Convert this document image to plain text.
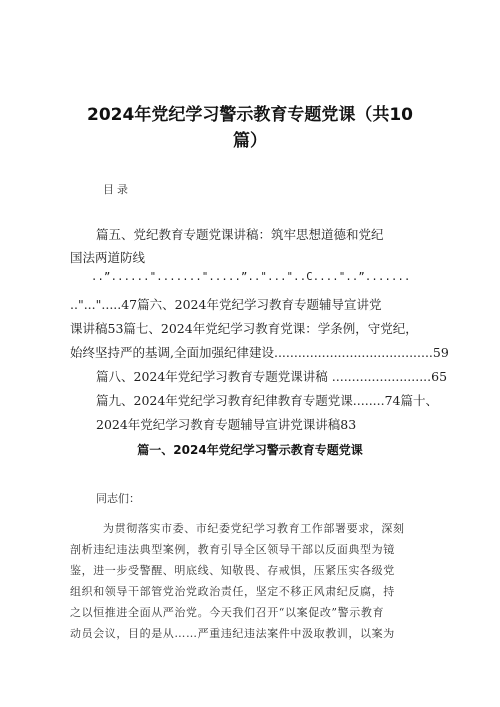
2024年党纪学习警示教育专题党课（共10
篇）
目录
篇五、党纪教育专题党课讲稿：筑牢思想道德和党纪
国法两道防线
..”......".......".....”.."..."..C...."..”.......
.."...".....47篇六、2024年党纪学习教育专题辅导宣讲党
课讲稿53篇七、2024年党纪学习教育党课：学条例，守党纪，
始终坚持严的基调,全面加强纪律建设........................................59
篇八、2024年党纪学习教育专题党课讲稿 .........................65
篇九、2024年党纪学习教育纪律教育专题党课........74篇十、
2024年党纪学习教育专题辅导宣讲党课讲稿83
篇一、2024年党纪学习警示教育专题党课
同志们：
为贯彻落实市委、市纪委党纪学习教育工作部署要求，深刻
剖析违纪违法典型案例，教育引导全区领导干部以反面典型为镜
鉴，进一步受警醒、明底线、知敬畏、存戒惧，压紧压实各级党
组织和领导干部管党治党政治责任，坚定不移正风肃纪反腐，持
之以恒推进全面从严治党。今天我们召开“以案促改”警示教育
动员会议，目的是从……严重违纪违法案件中汲取教训，以案为
